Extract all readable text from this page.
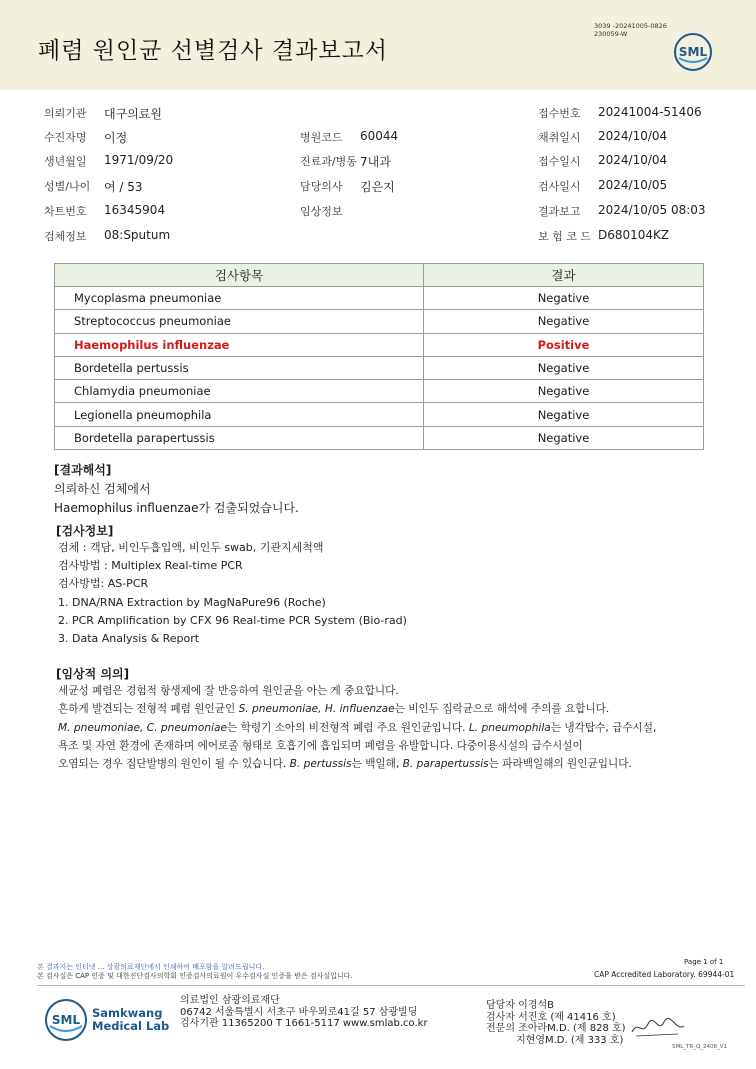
폐렴 원인균 선별검사 결과보고서
3039 -20241005-0826
230059-W
SML
의뢰기관 대구의료원
수진자명 이정
생년월일 1971/09/20
성별/나이 여 / 53
차트번호 16345904
검체정보 08:Sputum
병원코드 60044
진료과/병동 7내과
담당의사 김은지
임상정보
접수번호 20241004-51406
채취일시 2024/10/04
접수일시 2024/10/04
검사일시 2024/10/05
결과보고 2024/10/05 08:03
보 험 코 드 D680104KZ
검사항목	결과
Mycoplasma pneumoniae	Negative
Streptococcus pneumoniae	Negative
Haemophilus influenzae	Positive
Bordetella pertussis	Negative
Chlamydia pneumoniae	Negative
Legionella pneumophila	Negative
Bordetella parapertussis	Negative
[결과해석]
의뢰하신 검체에서
Haemophilus influenzae가 검출되었습니다.
[검사정보]
검체 : 객담, 비인두흡입액, 비인두 swab, 기관지세척액
검사방법 : Multiplex Real-time PCR
검사방법: AS-PCR
1. DNA/RNA Extraction by MagNaPure96 (Roche)
2. PCR Amplification by CFX 96 Real-time PCR System (Bio-rad)
3. Data Analysis & Report
[임상적 의의]
세균성 폐렴은 경험적 항생제에 잘 반응하여 원인균을 아는 게 중요합니다.
흔하게 발견되는 전형적 폐렴 원인균인 S. pneumoniae, H. influenzae는 비인두 집락균으로 해석에 주의를 요합니다.
M. pneumoniae, C. pneumoniae는 학령기 소아의 비전형적 폐렴 주요 원인균입니다. L. pneumophila는 냉각탑수, 급수시설,
욕조 및 자연 환경에 존재하며 에어로졸 형태로 호흡기에 흡입되며 폐렴을 유발합니다. 다중이용시설의 급수시설이
오염되는 경우 집단발병의 원인이 될 수 있습니다. B. pertussis는 백일해, B. parapertussis는 파라백일해의 원인균입니다.
Page 1 of 1
본 결과지는 인터넷 ... 상광의료재단에서 인쇄하여 배포함을 알려드립니다.
본 검사실은 CAP 인증 및 대한진단검사의학회 인증검사의료원이 우수검사실 인증을 받은 검사실입니다.	CAP Accredited Laboratory. 69944-01
SML Samkwang
Medical Lab
의료법인 삼광의료재단
06742 서울특별시 서초구 바우뫼로41길 57 삼광빌딩
검사기관 11365200 T 1661-5117 www.smlab.co.kr
담당자 이경석B
검사자 서진호 (제 41416 호)
전문의 조아라M.D. (제 828 호)
지현영M.D. (제 333 호)
SML_TR_Q_2408_V1
